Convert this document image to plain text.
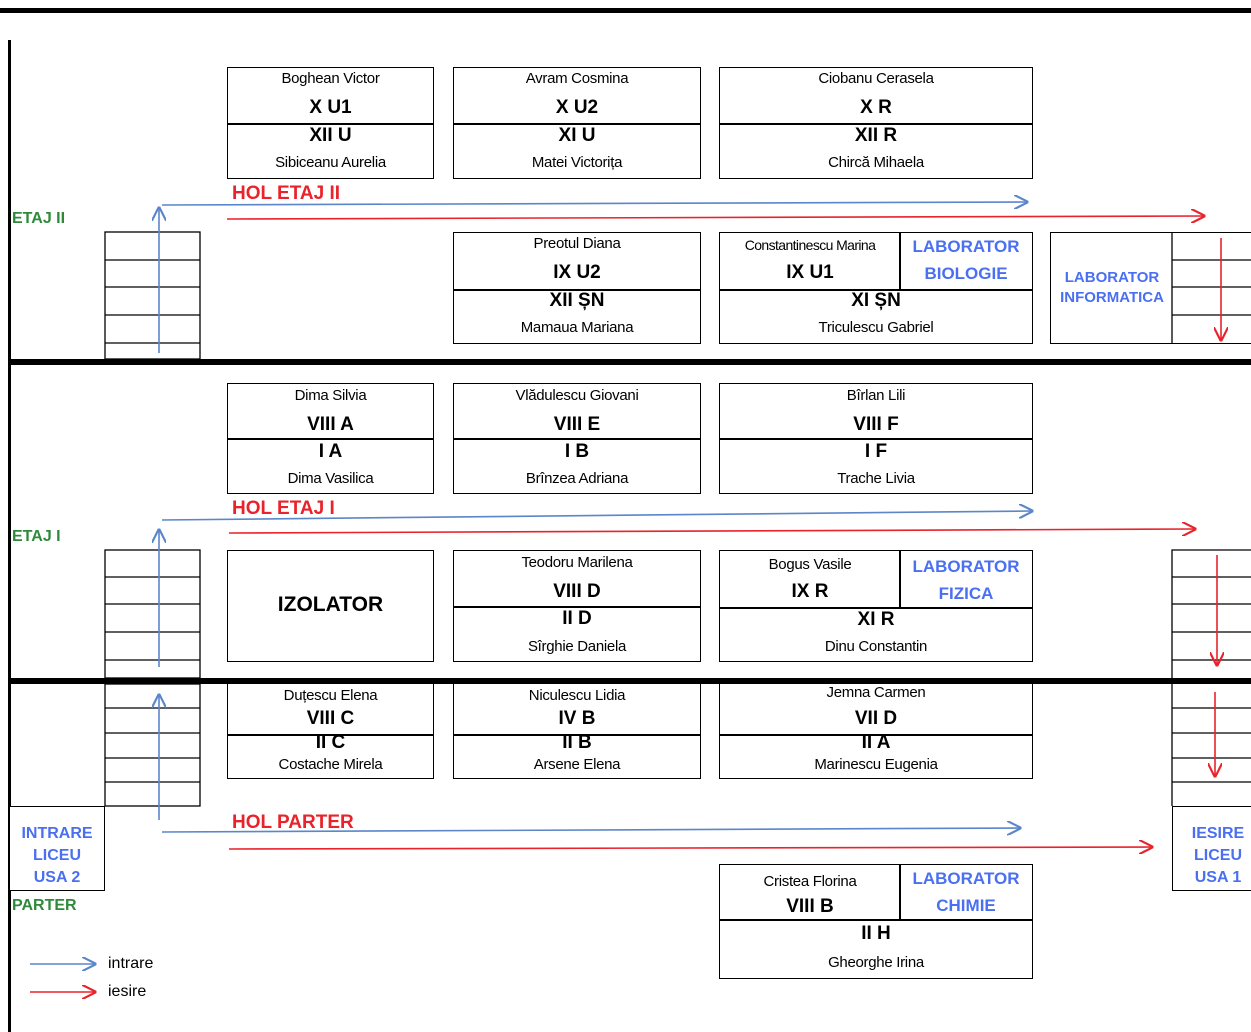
ETAJ II
HOL ETAJ II
Boghean Victor
X U1
XII U
Sibiceanu Aurelia
Avram Cosmina
X U2
XI U
Matei Victorița
Ciobanu Cerasela
X R
XII R
Chircă Mihaela
Preotul Diana
IX U2
XII ȘN
Mamaua Mariana
Constantinescu Marina
IX U1
LABORATOR
BIOLOGIE
XI ȘN
Triculescu Gabriel
LABORATOR
INFORMATICA
ETAJ I
HOL ETAJ I
Dima Silvia
VIII A
I A
Dima Vasilica
Vlădulescu Giovani
VIII E
I B
Brînzea Adriana
Bîrlan Lili
VIII F
I F
Trache Livia
IZOLATOR
Teodoru Marilena
VIII D
II D
Sîrghie Daniela
Bogus Vasile
IX R
LABORATOR
FIZICA
XI R
Dinu Constantin
PARTER
HOL PARTER
Duțescu Elena
VIII C
II C
Costache Mirela
Niculescu Lidia
IV B
II B
Arsene Elena
Jemna Carmen
VII D
II A
Marinescu Eugenia
Cristea Florina
VIII B
LABORATOR
CHIMIE
II H
Gheorghe Irina
INTRARE
LICEU
USA 2
IESIRE
LICEU
USA 1
intrare
iesire
